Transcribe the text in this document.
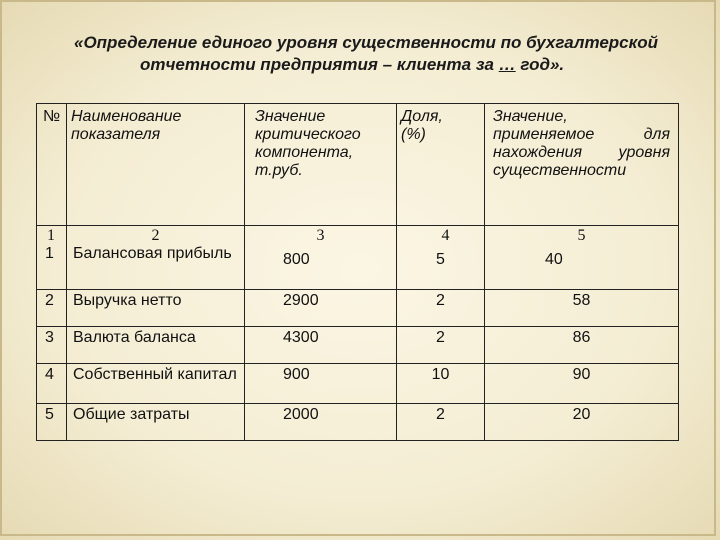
«Определение единого уровня существенности по бухгалтерской
отчетности предприятия – клиента за … год».
№	Наименование показателя	Значение критического компонента, т.руб.	Доля, (%)	Значение,
применяемое для
нахождения уровня
существенности

1	2	3	4	5
1	Балансовая прибыль	800	5	40
2	Выручка нетто	2900	2	58
3	Валюта баланса	4300	2	86
4	Собственный капитал	900	10	90
5	Общие затраты	2000	2	20
